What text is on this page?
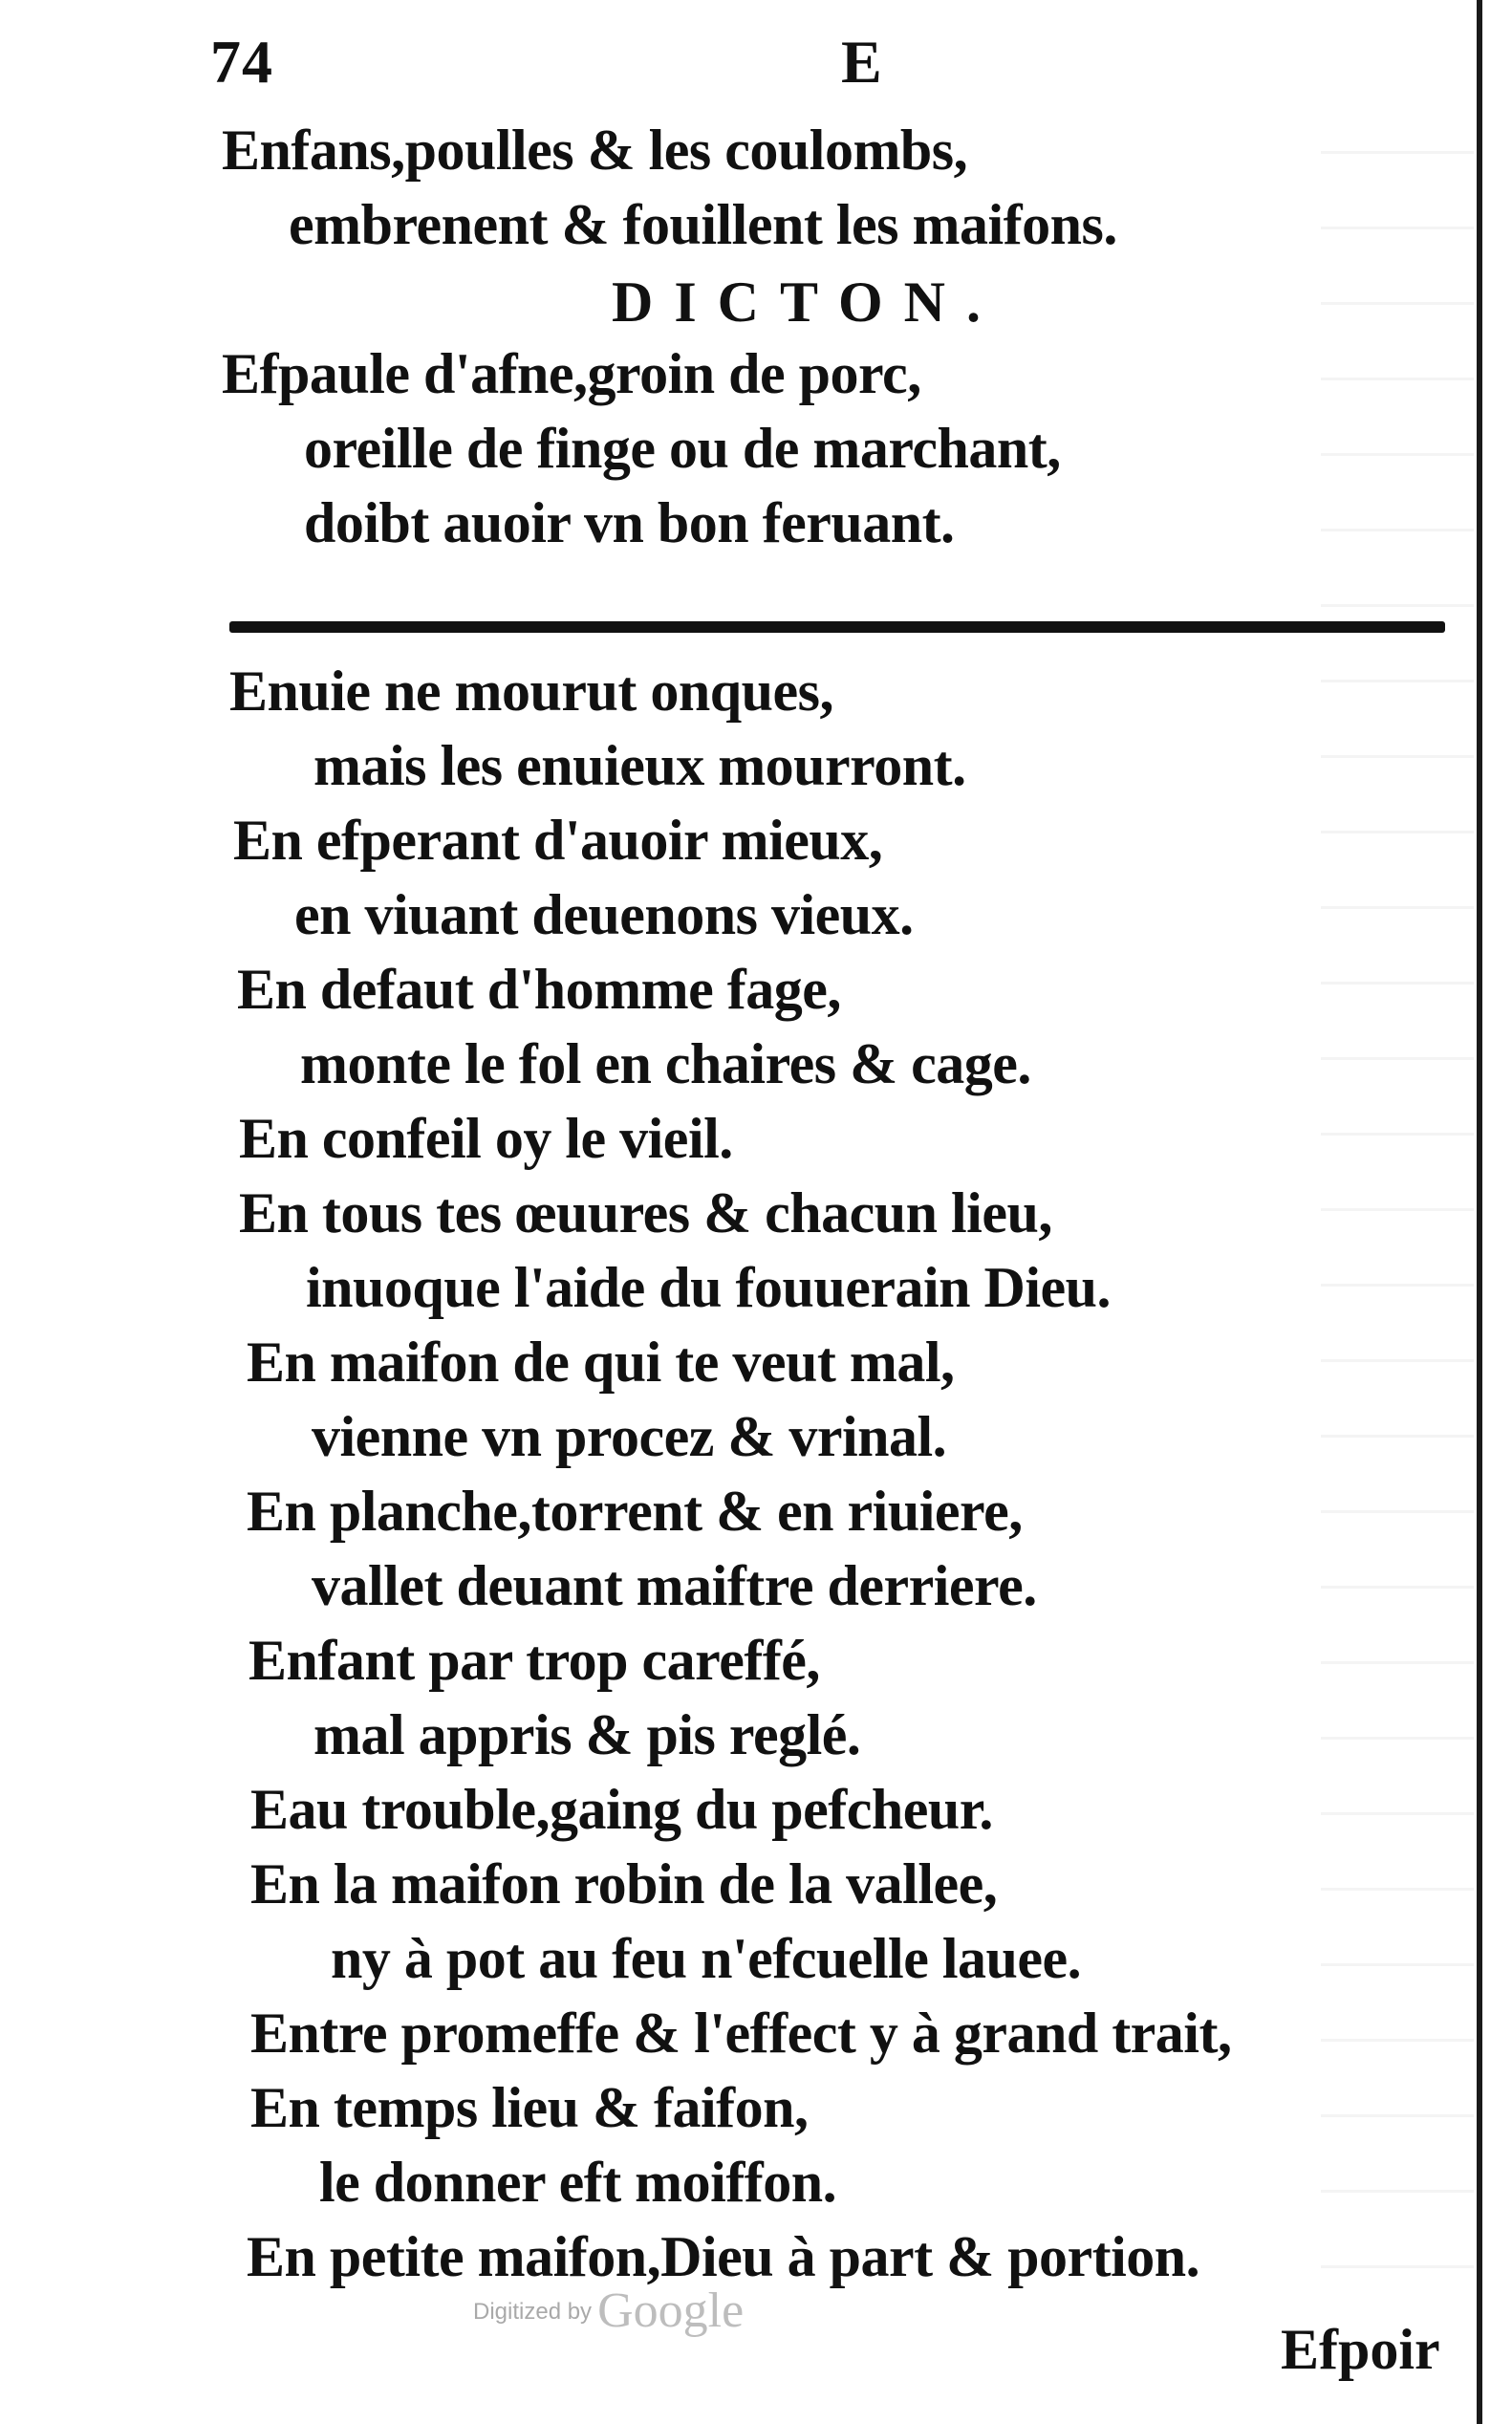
74	E
Enfans,poulles & les coulombs,
embrenent & fouillent les maifons.
DICTON.
Efpaule d'afne,groin de porc,
oreille de finge ou de marchant,
doibt auoir vn bon feruant.
Enuie ne mourut onques,
mais les enuieux mourront.
En efperant d'auoir mieux,
en viuant deuenons vieux.
En defaut d'homme fage,
monte le fol en chaires & cage.
En confeil oy le vieil.
En tous tes œuures & chacun lieu,
inuoque l'aide du fouuerain Dieu.
En maifon de qui te veut mal,
vienne vn procez & vrinal.
En planche,torrent & en riuiere,
vallet deuant maiftre derriere.
Enfant par trop careffé,
mal appris & pis reglé.
Eau trouble,gaing du pefcheur.
En la maifon robin de la vallee,
ny à pot au feu n'efcuelle lauee.
Entre promeffe & l'effect y à grand trait,
En temps lieu & faifon,
le donner eft moiffon.
En petite maifon,Dieu à part & portion.
Digitized by Google
Efpoir
